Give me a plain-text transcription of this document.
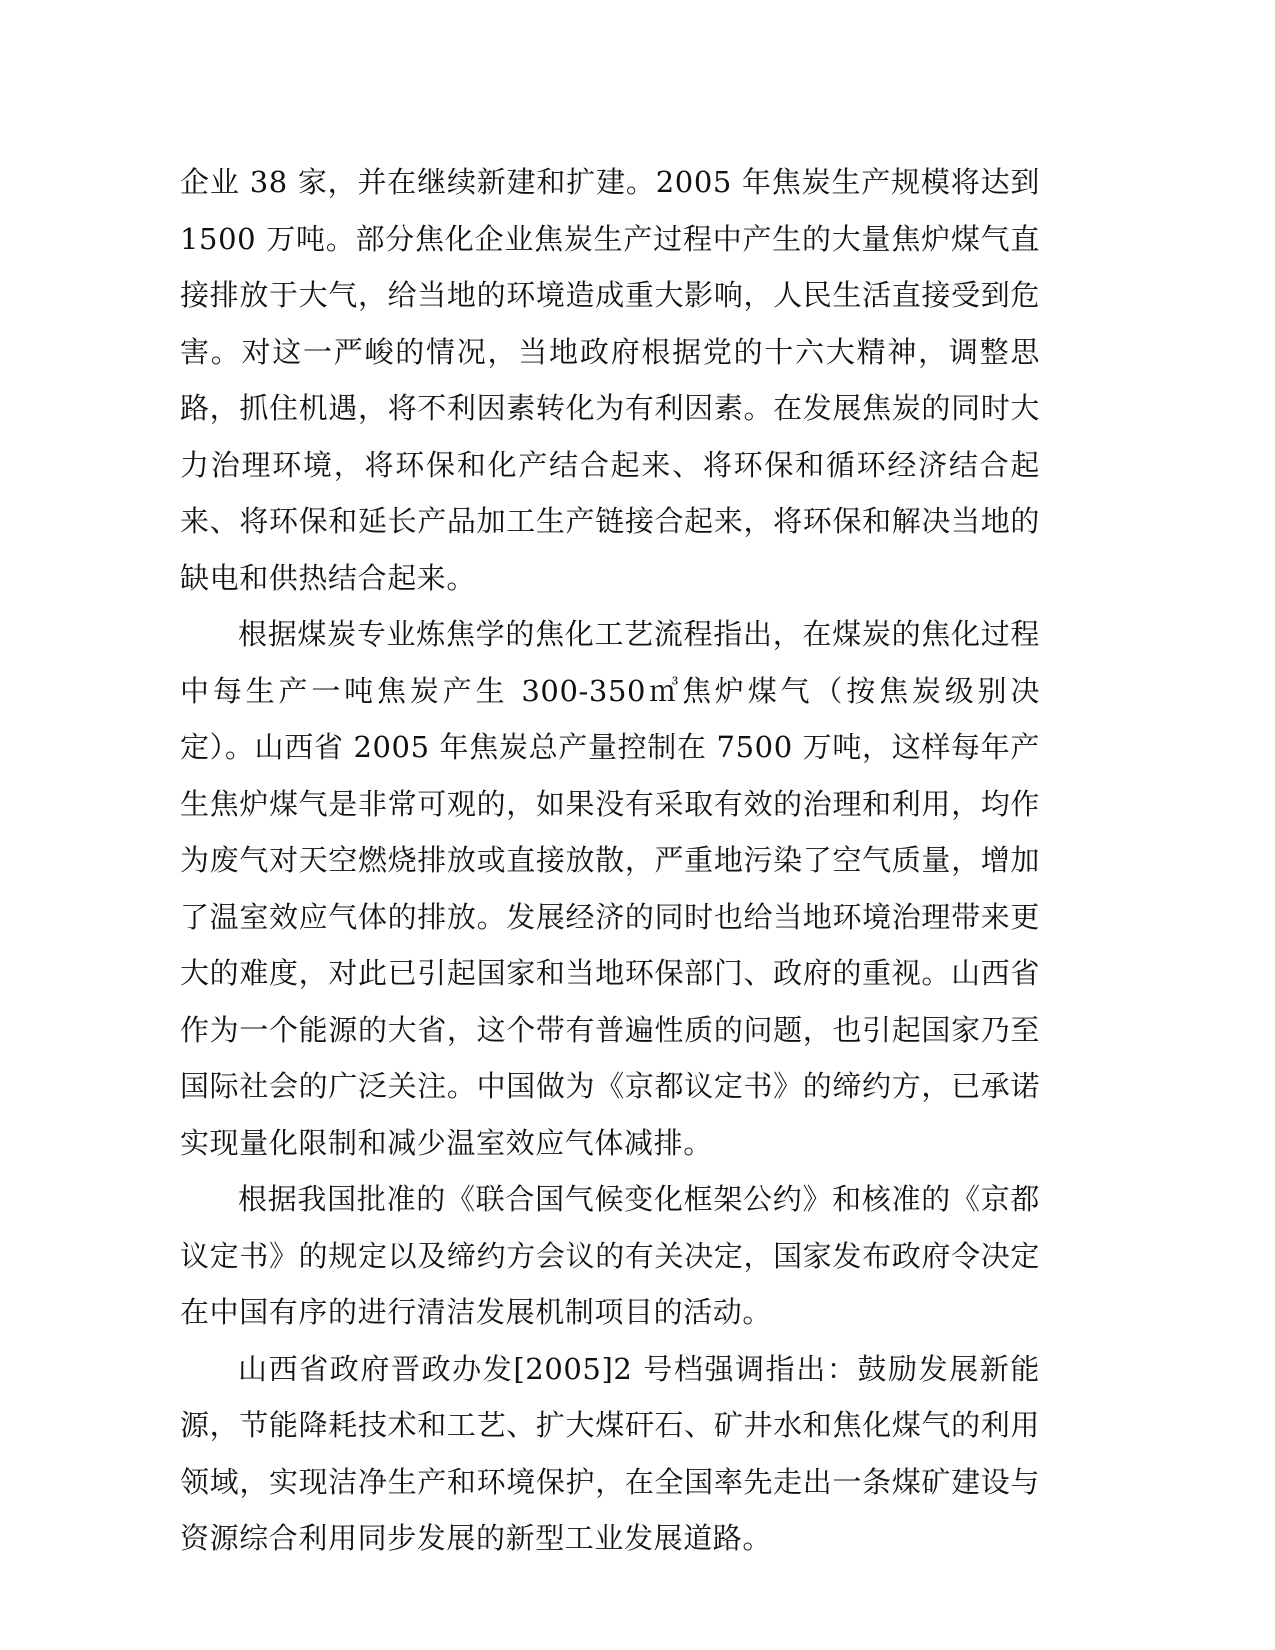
企业 38 家，并在继续新建和扩建。2005 年焦炭生产规模将达到 1500 万吨。部分焦化企业焦炭生产过程中产生的大量焦炉煤气直接排放于大气，给当地的环境造成重大影响，人民生活直接受到危害。对这一严峻的情况，当地政府根据党的十六大精神，调整思路，抓住机遇，将不利因素转化为有利因素。在发展焦炭的同时大力治理环境，将环保和化产结合起来、将环保和循环经济结合起来、将环保和延长产品加工生产链接合起来，将环保和解决当地的缺电和供热结合起来。

根据煤炭专业炼焦学的焦化工艺流程指出，在煤炭的焦化过程中每生产一吨焦炭产生 300-350㎥焦炉煤气（按焦炭级别决定）。山西省 2005 年焦炭总产量控制在 7500 万吨，这样每年产生焦炉煤气是非常可观的，如果没有采取有效的治理和利用，均作为废气对天空燃烧排放或直接放散，严重地污染了空气质量，增加了温室效应气体的排放。发展经济的同时也给当地环境治理带来更大的难度，对此已引起国家和当地环保部门、政府的重视。山西省作为一个能源的大省，这个带有普遍性质的问题，也引起国家乃至国际社会的广泛关注。中国做为《京都议定书》的缔约方，已承诺实现量化限制和减少温室效应气体减排。

根据我国批准的《联合国气候变化框架公约》和核准的《京都议定书》的规定以及缔约方会议的有关决定，国家发布政府令决定在中国有序的进行清洁发展机制项目的活动。

山西省政府晋政办发[2005]2 号档强调指出：鼓励发展新能源，节能降耗技术和工艺、扩大煤矸石、矿井水和焦化煤气的利用领域，实现洁净生产和环境保护，在全国率先走出一条煤矿建设与资源综合利用同步发展的新型工业发展道路。
